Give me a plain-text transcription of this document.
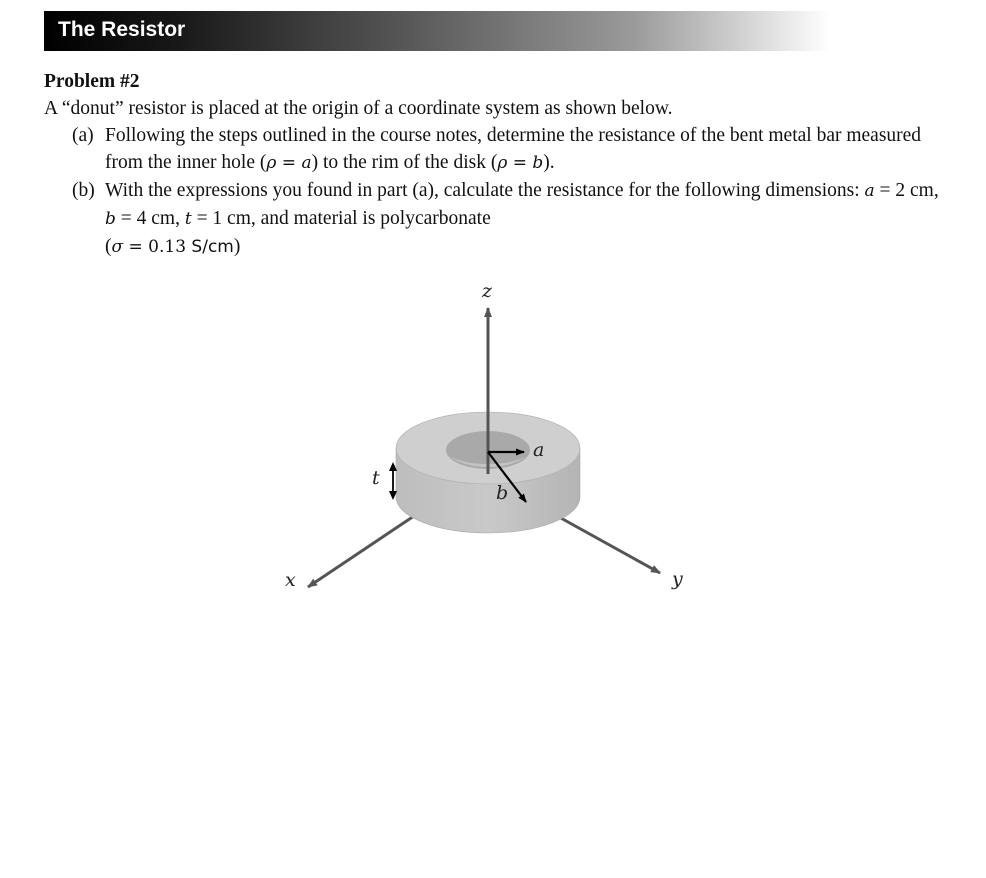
The Resistor
Problem #2
A “donut” resistor is placed at the origin of a coordinate system as shown below.
(a) Following the steps outlined in the course notes, determine the resistance of the bent metal bar measured from the inner hole (ρ = a) to the rim of the disk (ρ = b).
(b) With the expressions you found in part (a), calculate the resistance for the following dimensions: a = 2 cm, b = 4 cm, t = 1 cm, and material is polycarbonate
(σ = 0.13 S/cm)
z
x	y
a
b
t
